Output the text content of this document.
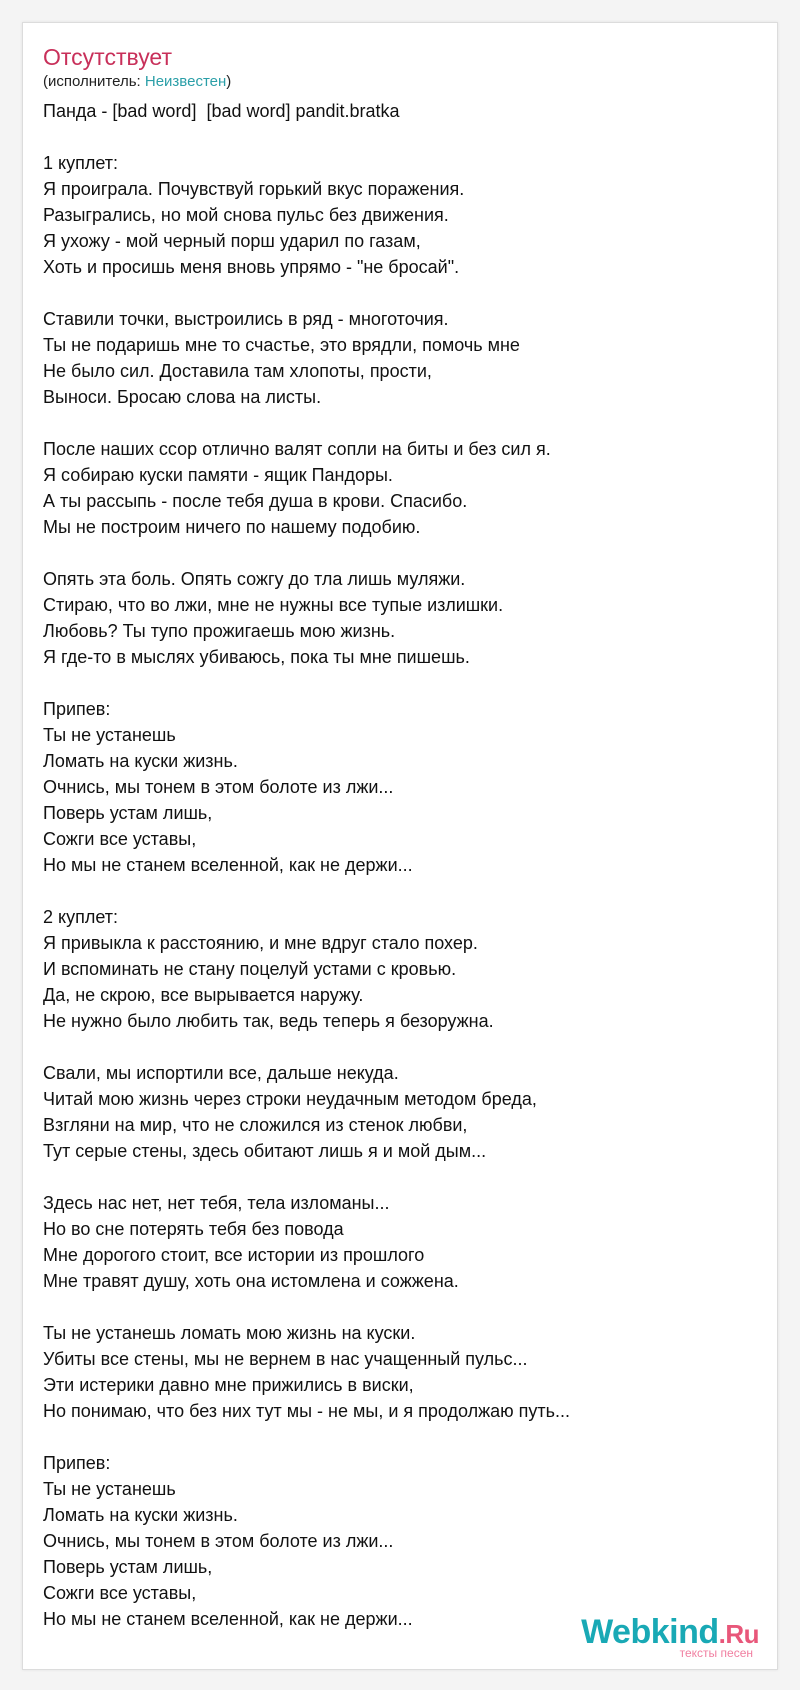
Отсутствует
(исполнитель: Неизвестен)
Панда - [bad word]  [bad word] pandit.bratka
1 куплет:
Я проиграла. Почувствуй горький вкус поражения.
Разыгрались, но мой снова пульс без движения.
Я ухожу - мой черный порш ударил по газам,
Хоть и просишь меня вновь упрямо - "не бросай".
Ставили точки, выстроились в ряд - многоточия.
Ты не подаришь мне то счастье, это врядли, помочь мне
Не было сил. Доставила там хлопоты, прости,
Выноси. Бросаю слова на листы.
После наших ссор отлично валят сопли на биты и без сил я.
Я собираю куски памяти - ящик Пандоры.
А ты рассыпь - после тебя душа в крови. Спасибо.
Мы не построим ничего по нашему подобию.
Опять эта боль. Опять сожгу до тла лишь муляжи.
Стираю, что во лжи, мне не нужны все тупые излишки.
Любовь? Ты тупо прожигаешь мою жизнь.
Я где-то в мыслях убиваюсь, пока ты мне пишешь.
Припев:
Ты не устанешь
Ломать на куски жизнь.
Очнись, мы тонем в этом болоте из лжи...
Поверь устам лишь,
Сожги все уставы,
Но мы не станем вселенной, как не держи...
2 куплет:
Я привыкла к расстоянию, и мне вдруг стало похер.
И вспоминать не стану поцелуй устами с кровью.
Да, не скрою, все вырывается наружу.
Не нужно было любить так, ведь теперь я безоружна.
Свали, мы испортили все, дальше некуда.
Читай мою жизнь через строки неудачным методом бреда,
Взгляни на мир, что не сложился из стенок любви,
Тут серые стены, здесь обитают лишь я и мой дым...
Здесь нас нет, нет тебя, тела изломаны...
Но во сне потерять тебя без повода
Мне дорогого стоит, все истории из прошлого
Мне травят душу, хоть она истомлена и сожжена.
Ты не устанешь ломать мою жизнь на куски.
Убиты все стены, мы не вернем в нас учащенный пульс...
Эти истерики давно мне прижились в виски,
Но понимаю, что без них тут мы - не мы, и я продолжаю путь...
Припев:
Ты не устанешь
Ломать на куски жизнь.
Очнись, мы тонем в этом болоте из лжи...
Поверь устам лишь,
Сожги все уставы,
Но мы не станем вселенной, как не держи...	Webkind.Ru
тексты песен
